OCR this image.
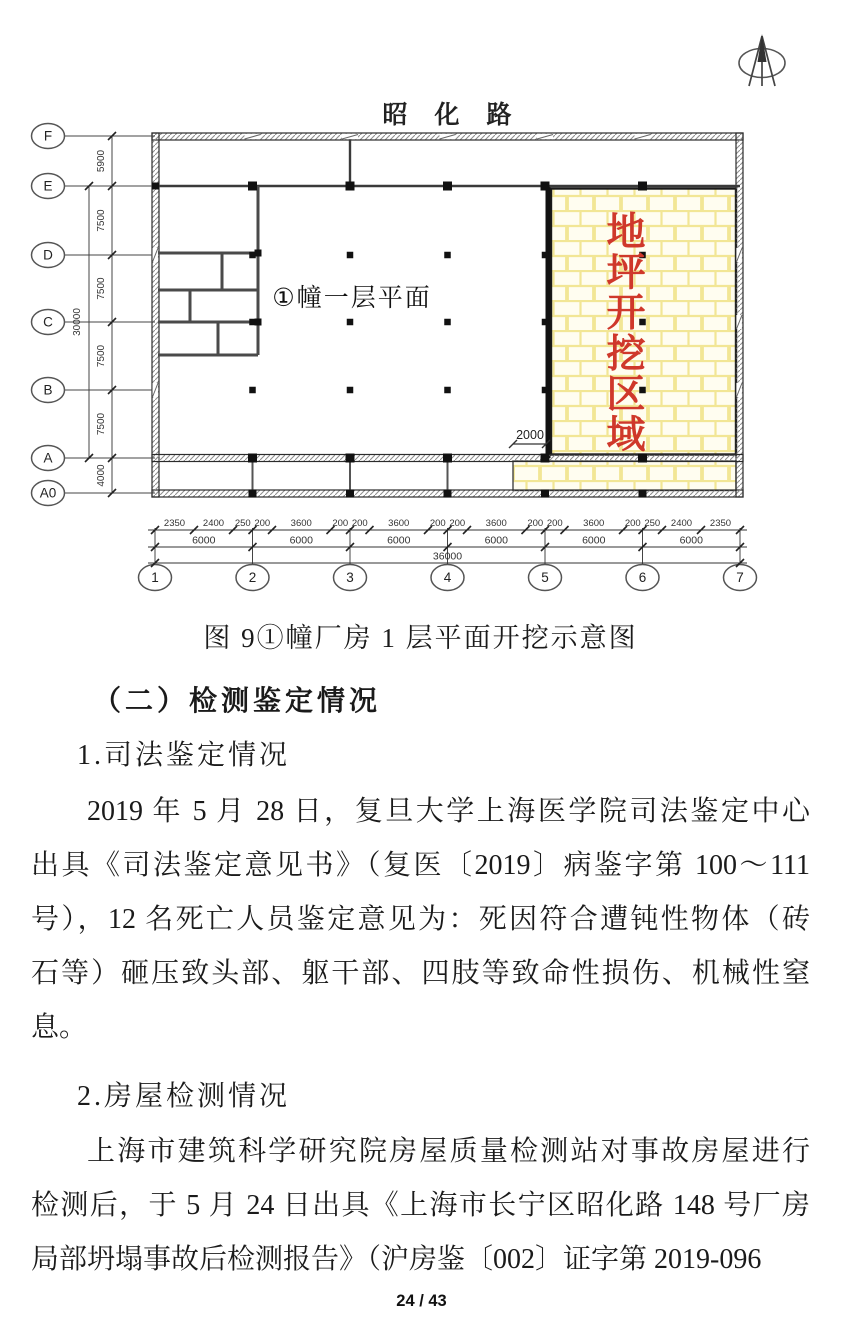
昭 化 路
①幢一层平面
2000
F
E
D
C
B
A
A0
5900
7500
7500
7500
7500
4000
30000
1	2	3	4	5	6	7
2350 2400 250 200 3600 200 200 3600 200 200 3600 200 200 3600 200 250 2400 2350
6000	6000	6000	6000	6000	6000
36000
地
坪
开
挖
区
域
图 9①幢厂房 1 层平面开挖示意图
（二）检测鉴定情况
1.司法鉴定情况
2019 年 5 月 28 日，复旦大学上海医学院司法鉴定中心
出具《司法鉴定意见书》（复医〔2019〕病鉴字第 100～111
号），12 名死亡人员鉴定意见为：死因符合遭钝性物体（砖
石等）砸压致头部、躯干部、四肢等致命性损伤、机械性窒
息。
2.房屋检测情况
上海市建筑科学研究院房屋质量检测站对事故房屋进行
检测后，于 5 月 24 日出具《上海市长宁区昭化路 148 号厂房
局部坍塌事故后检测报告》（沪房鉴〔002〕证字第 2019-096
24 / 43
